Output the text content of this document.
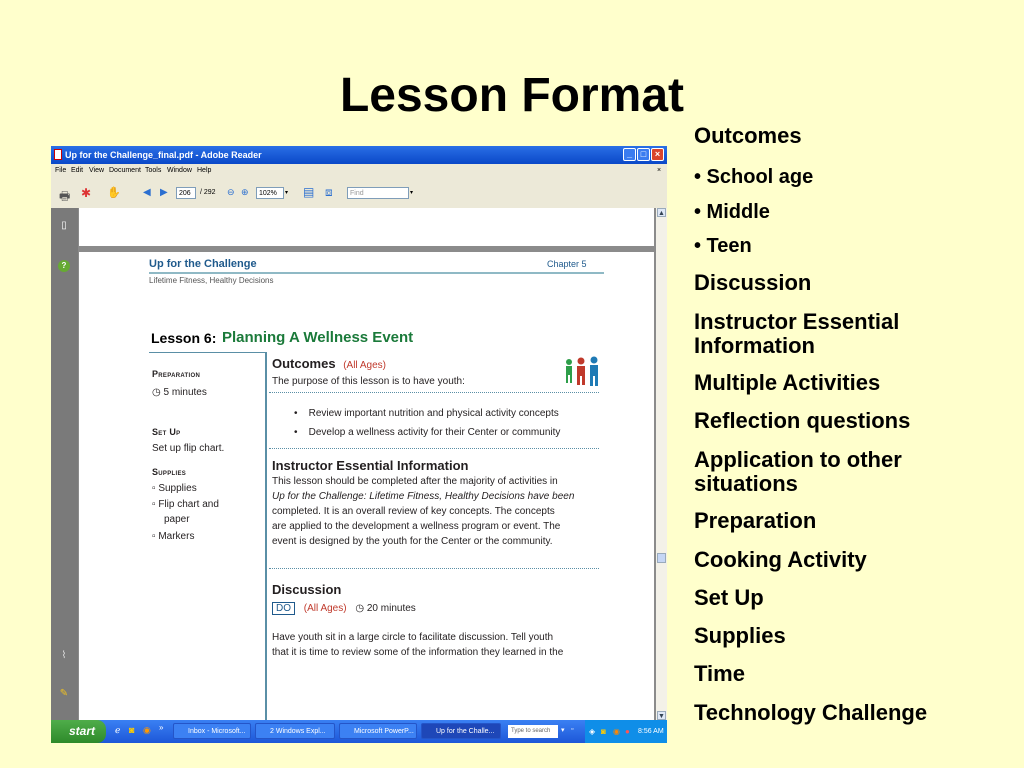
Lesson Format
Outcomes
• School age
• Middle
• Teen
Discussion
Instructor Essential Information
Multiple Activities
Reflection questions
Application to other situations
Preparation
Cooking Activity
Set Up
Supplies
Time
Technology Challenge
Up for the Challenge_final.pdf - Adobe Reader	_ □ ×
File Edit View Document Tools Window Help	×
🖶 ✱ ✋ ◀ ▶	206	/ 292 ⊖ ⊕	102%	▾ ▤ ⧈	Find	▾
▯
?
⌇
✎
Up for the Challenge	Chapter 5
Lifetime Fitness, Healthy Decisions
Lesson 6: Planning A Wellness Event
Preparation
◷ 5 minutes
Set Up
Set up flip chart.
Supplies
▫ Supplies
▫ Flip chart and
paper
▫ Markers
Outcomes (All Ages)
The purpose of this lesson is to have youth:
•    Review important nutrition and physical activity concepts
•    Develop a wellness activity for their Center or community
Instructor Essential Information
This lesson should be completed after the majority of activities in
Up for the Challenge: Lifetime Fitness, Healthy Decisions have been
completed. It is an overall review of key concepts. The concepts
are applied to the development a wellness program or event. The
event is designed by the youth for the Center or the community.
Discussion
DO (All Ages) ◷ 20 minutes
Have youth sit in a large circle to facilitate discussion. Tell youth
that it is time to review some of the information they learned in the
▲
▼
start	ℯ ◙ ◉ »	Inbox - Microsoft...	2 Windows Expl...	Microsoft PowerP...	Up for the Challe...	Type to search	▾ ▫ ◈ ◙ ◉ ● 8:56 AM
